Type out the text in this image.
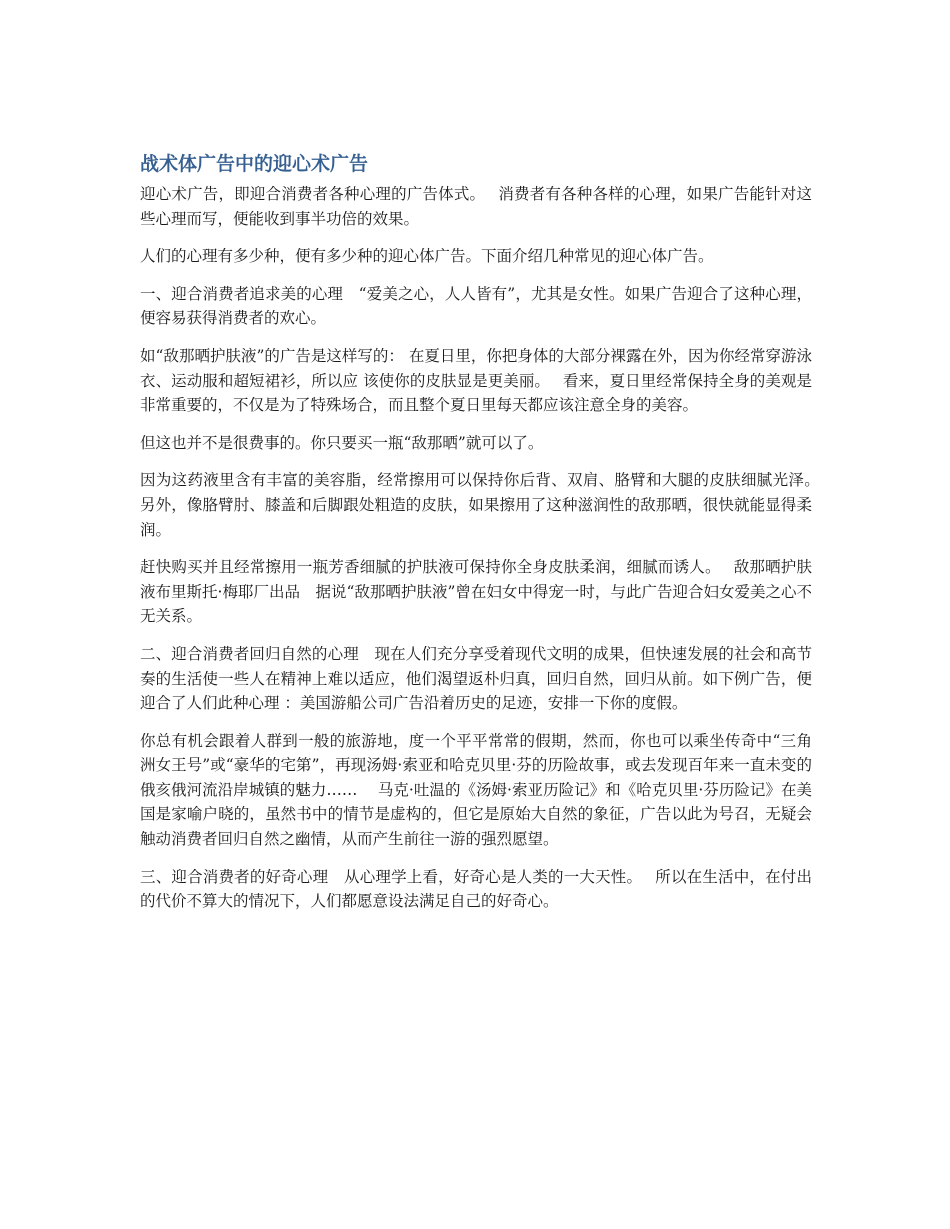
战术体广告中的迎心术广告

迎心术广告，即迎合消费者各种心理的广告体式。　 消费者有各种各样的心理，如果广告能针对这些心理而写，便能收到事半功倍的效果。

人们的心理有多少种，便有多少种的迎心体广告。下面介绍几种常见的迎心体广告。

一、迎合消费者追求美的心理　“爱美之心，人人皆有”，尤其是女性。如果广告迎合了这种心理，便容易获得消费者的欢心。

如“敌那晒护肤液”的广告是这样写的： 在夏日里，你把身体的大部分裸露在外，因为你经常穿游泳衣、运动服和超短裙衫，所以应 该使你的皮肤显是更美丽。　 看来，夏日里经常保持全身的美观是非常重要的，不仅是为了特殊场合，而且整个夏日里每天都应该注意全身的美容。

但这也并不是很费事的。你只要买一瓶“敌那晒”就可以了。

因为这药液里含有丰富的美容脂，经常擦用可以保持你后背、双肩、胳臂和大腿的皮肤细腻光泽。　 另外，像胳臂肘、膝盖和后脚跟处粗造的皮肤，如果擦用了这种滋润性的敌那晒，很快就能显得柔润。

赶快购买并且经常擦用一瓶芳香细腻的护肤液可保持你全身皮肤柔润，细腻而诱人。　 敌那晒护肤液布里斯托·梅耶厂出品　据说“敌那晒护肤液”曾在妇女中得宠一时，与此广告迎合妇女爱美之心不无关系。

二、迎合消费者回归自然的心理　现在人们充分享受着现代文明的成果，但快速发展的社会和高节奏的生活使一些人在精神上难以适应，他们渴望返朴归真，回归自然，回归从前。如下例广告，便迎合了人们此种心理 ：美国游船公司广告沿着历史的足迹，安排一下你的度假。

你总有机会跟着人群到一般的旅游地，度一个平平常常的假期，然而，你也可以乘坐传奇中“三角洲女王号”或“豪华的宅第”，再现汤姆·索亚和哈克贝里·芬的历险故事，或去发现百年来一直未变的俄亥俄河流沿岸城镇的魅力……　 马克·吐温的《汤姆·索亚历险记》和《哈克贝里·芬历险记》在美国是家喻户晓的，虽然书中的情节是虚构的，但它是原始大自然的象征，广告以此为号召，无疑会触动消费者回归自然之幽情，从而产生前往一游的强烈愿望。

三、迎合消费者的好奇心理　从心理学上看，好奇心是人类的一大天性。　 所以在生活中，在付出的代价不算大的情况下，人们都愿意设法满足自己的好奇心。
